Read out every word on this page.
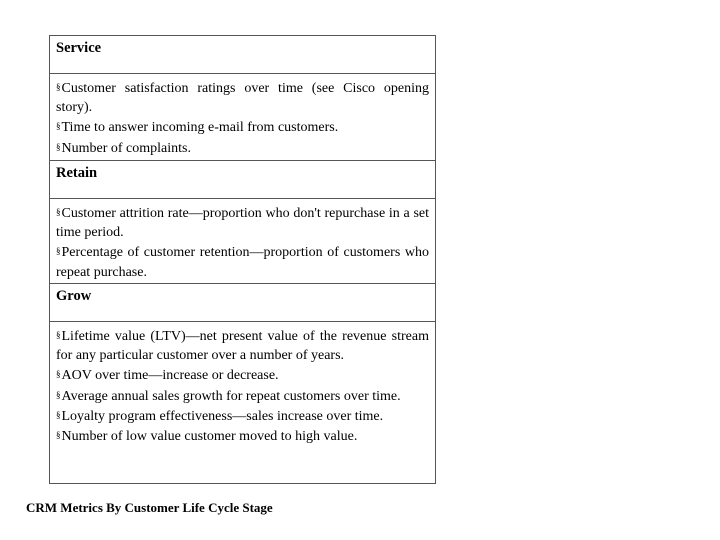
Service
§Customer satisfaction ratings over time (see Cisco opening story).
§Time to answer incoming e-mail from customers.
§Number of complaints.
Retain
§Customer attrition rate—proportion who don't repurchase in a set time period.
§Percentage of customer retention—proportion of customers who repeat purchase.
Grow
§Lifetime value (LTV)—net present value of the revenue stream for any particular customer over a number of years.
§AOV over time—increase or decrease.
§Average annual sales growth for repeat customers over time.
§Loyalty program effectiveness—sales increase over time.
§Number of low value customer moved to high value.
CRM Metrics By Customer Life Cycle Stage
